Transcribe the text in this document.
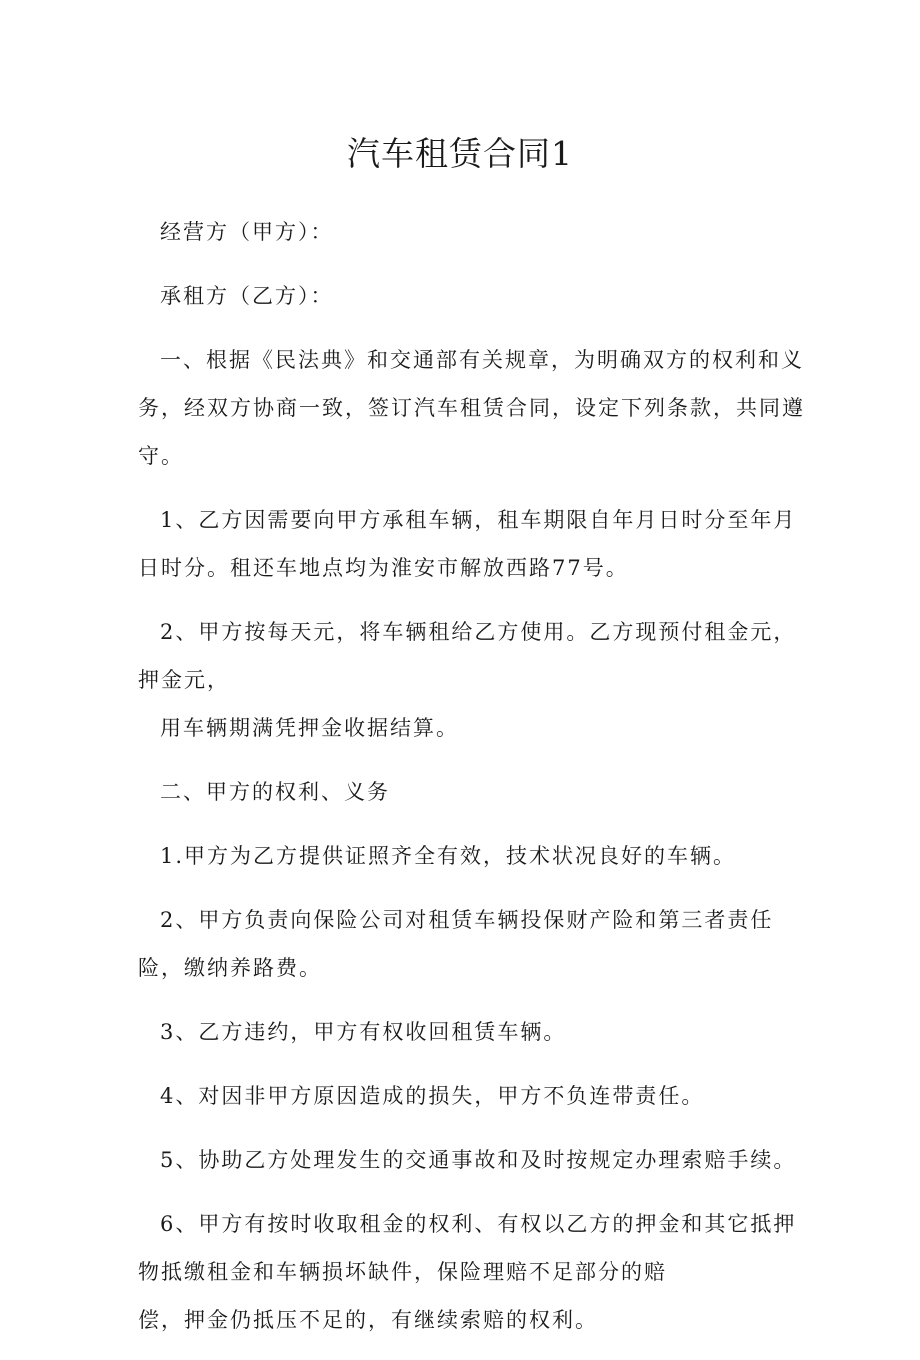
汽车租赁合同1

经营方（甲方）：

承租方（乙方）：

一、根据《民法典》和交通部有关规章，为明确双方的权利和义务，经双方协商一致，签订汽车租赁合同，设定下列条款，共同遵守。

1、乙方因需要向甲方承租车辆，租车期限自年月日时分至年月日时分。租还车地点均为淮安市解放西路77号。

2、甲方按每天元，将车辆租给乙方使用。乙方现预付租金元，押金元，

用车辆期满凭押金收据结算。

二、甲方的权利、义务

1.甲方为乙方提供证照齐全有效，技术状况良好的车辆。

2、甲方负责向保险公司对租赁车辆投保财产险和第三者责任险，缴纳养路费。

3、乙方违约，甲方有权收回租赁车辆。

4、对因非甲方原因造成的损失，甲方不负连带责任。

5、协助乙方处理发生的交通事故和及时按规定办理索赔手续。

6、甲方有按时收取租金的权利、有权以乙方的押金和其它抵押物抵缴租金和车辆损坏缺件，保险理赔不足部分的赔

偿，押金仍抵压不足的，有继续索赔的权利。
